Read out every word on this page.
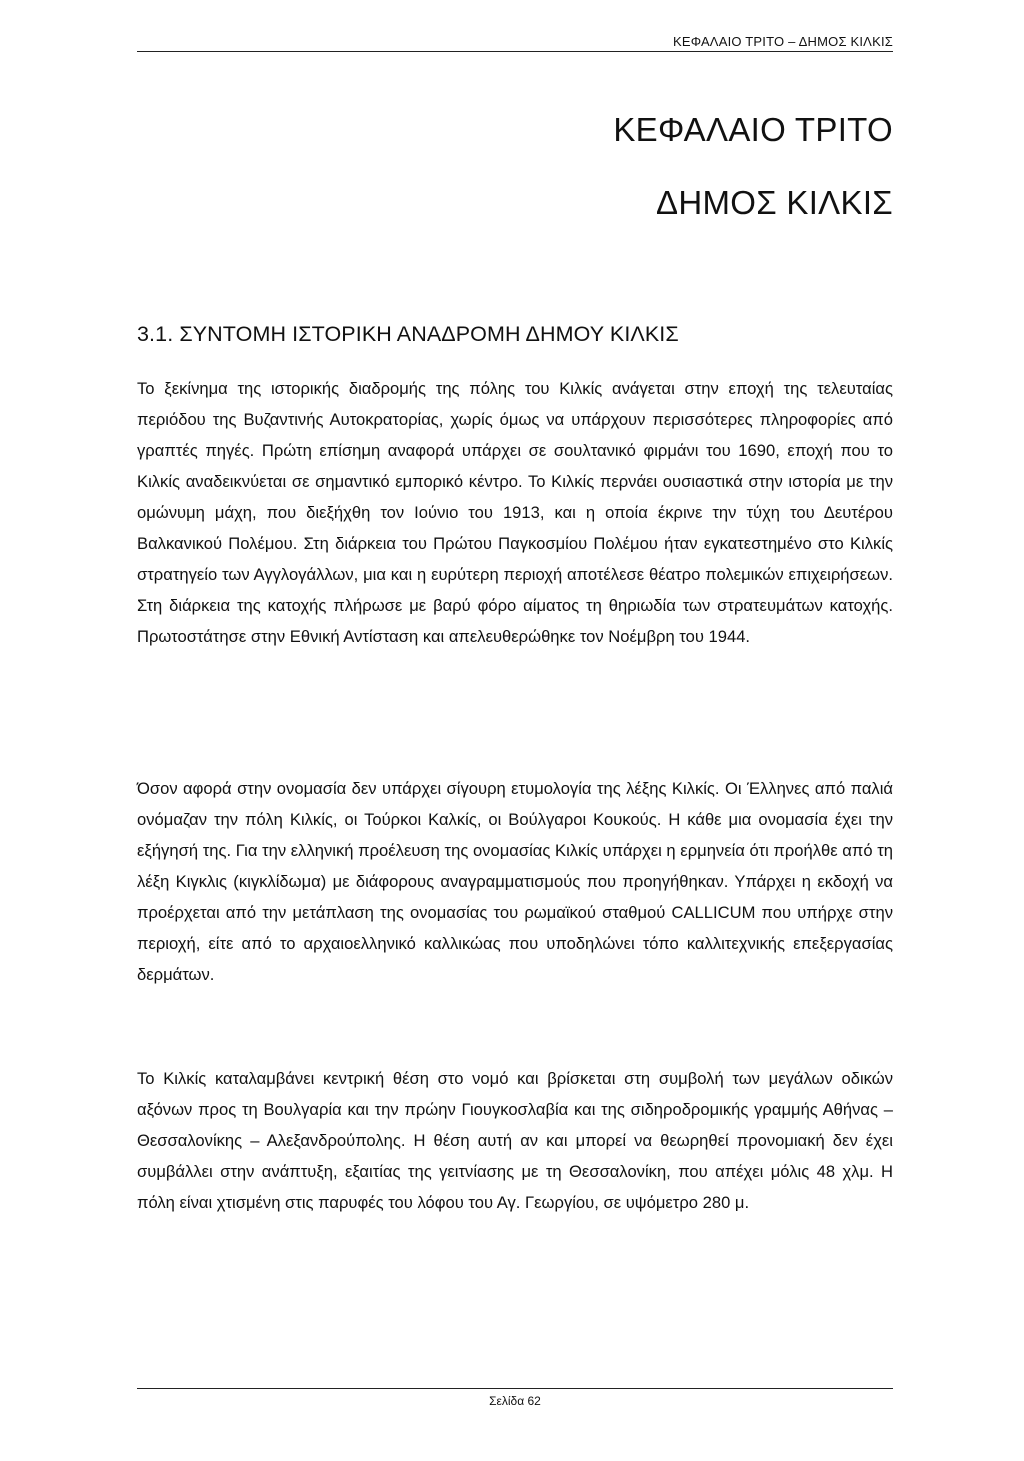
ΚΕΦΑΛΑΙΟ ΤΡΙΤΟ – ΔΗΜΟΣ ΚΙΛΚΙΣ
ΚΕΦΑΛΑΙΟ ΤΡΙΤΟ
ΔΗΜΟΣ ΚΙΛΚΙΣ
3.1. ΣΥΝΤΟΜΗ ΙΣΤΟΡΙΚΗ ΑΝΑΔΡΟΜΗ ΔΗΜΟΥ ΚΙΛΚΙΣ

Το ξεκίνημα της ιστορικής διαδρομής της πόλης του Κιλκίς ανάγεται στην εποχή της τελευταίας περιόδου της Βυζαντινής Αυτοκρατορίας, χωρίς όμως να υπάρχουν περισσότερες πληροφορίες από γραπτές πηγές. Πρώτη επίσημη αναφορά υπάρχει σε σουλτανικό φιρμάνι του 1690, εποχή που το Κιλκίς αναδεικνύεται σε σημαντικό εμπορικό κέντρο. Το Κιλκίς περνάει ουσιαστικά στην ιστορία με την ομώνυμη μάχη, που διεξήχθη τον Ιούνιο του 1913, και η οποία έκρινε την τύχη του Δευτέρου Βαλκανικού Πολέμου. Στη διάρκεια του Πρώτου Παγκοσμίου Πολέμου ήταν εγκατεστημένο στο Κιλκίς στρατηγείο των Αγγλογάλλων, μια και η ευρύτερη περιοχή αποτέλεσε θέατρο πολεμικών επιχειρήσεων. Στη διάρκεια της κατοχής πλήρωσε με βαρύ φόρο αίματος τη θηριωδία των στρατευμάτων κατοχής. Πρωτοστάτησε στην Εθνική Αντίσταση και απελευθερώθηκε τον Νοέμβρη του 1944.

Όσον αφορά στην ονομασία δεν υπάρχει σίγουρη ετυμολογία της λέξης Κιλκίς. Οι Έλληνες από παλιά ονόμαζαν την πόλη Κιλκίς, οι Τούρκοι Καλκίς, οι Βούλγαροι Κουκούς. Η κάθε μια ονομασία έχει την εξήγησή της. Για την ελληνική προέλευση της ονομασίας Κιλκίς υπάρχει η ερμηνεία ότι προήλθε από τη λέξη Κιγκλις (κιγκλίδωμα) με διάφορους αναγραμματισμούς που προηγήθηκαν. Υπάρχει η εκδοχή να προέρχεται από την μετάπλαση της ονομασίας του ρωμαϊκού σταθμού CALLICUM που υπήρχε στην περιοχή, είτε από το αρχαιοελληνικό καλλικώας που υποδηλώνει τόπο καλλιτεχνικής επεξεργασίας δερμάτων.

Το Κιλκίς καταλαμβάνει κεντρική θέση στο νομό και βρίσκεται στη συμβολή των μεγάλων οδικών αξόνων προς τη Βουλγαρία και την πρώην Γιουγκοσλαβία και της σιδηροδρομικής γραμμής Αθήνας – Θεσσαλονίκης – Αλεξανδρούπολης. Η θέση αυτή αν και μπορεί να θεωρηθεί προνομιακή δεν έχει συμβάλλει στην ανάπτυξη, εξαιτίας της γειτνίασης με τη Θεσσαλονίκη, που απέχει μόλις 48 χλμ. Η πόλη είναι χτισμένη στις παρυφές του λόφου του Αγ. Γεωργίου, σε υψόμετρο 280 μ.

Σελίδα 62
